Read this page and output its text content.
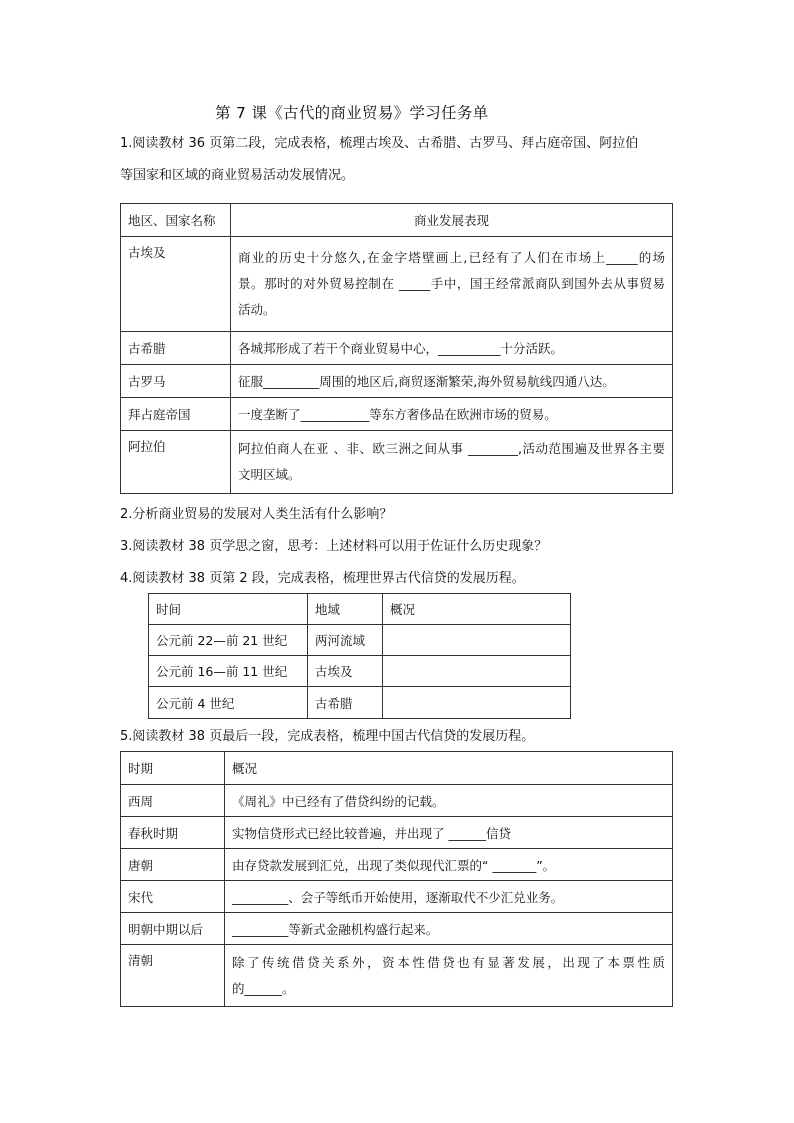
第 7 课《古代的商业贸易》学习任务单
1.阅读教材 36 页第二段，完成表格，梳理古埃及、古希腊、古罗马、拜占庭帝国、阿拉伯
等国家和区域的商业贸易活动发展情况。
地区、国家名称	商业发展表现
古埃及	商业的历史十分悠久,在金字塔壁画上,已经有了人们在市场上_____的场
景。那时的对外贸易控制在 _____手中，国王经常派商队到国外去从事贸易
活动。

古希腊	各城邦形成了若干个商业贸易中心，__________十分活跃。
古罗马	征服_________周围的地区后,商贸逐渐繁荣,海外贸易航线四通八达。
拜占庭帝国	一度垄断了___________等东方奢侈品在欧洲市场的贸易。
阿拉伯	阿拉伯商人在亚 、非、欧三洲之间从事 ________,活动范围遍及世界各主要
文明区域。
2.分析商业贸易的发展对人类生活有什么影响？
3.阅读教材 38 页学思之窗，思考：上述材料可以用于佐证什么历史现象？
4.阅读教材 38 页第 2 段，完成表格，梳理世界古代信贷的发展历程。
时间	地域	概况
公元前 22—前 21 世纪	两河流域	
公元前 16—前 11 世纪	古埃及	
公元前 4 世纪	古希腊	
5.阅读教材 38 页最后一段，完成表格，梳理中国古代信贷的发展历程。
时期	概况
西周	《周礼》中已经有了借贷纠纷的记载。
春秋时期	实物信贷形式已经比较普遍，并出现了 ______信贷
唐朝	由存贷款发展到汇兑，出现了类似现代汇票的“ _______”。
宋代	_________、会子等纸币开始使用，逐渐取代不少汇兑业务。
明朝中期以后	_________等新式金融机构盛行起来。
清朝	除了传统借贷关系外，资本性借贷也有显著发展，出现了本票性质
的______。
